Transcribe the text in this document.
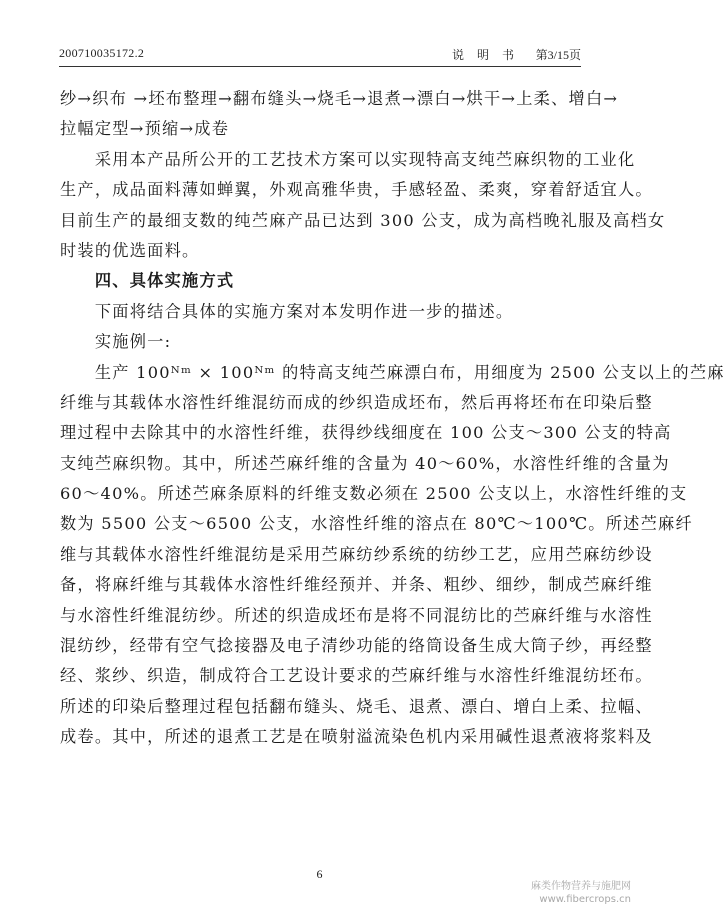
200710035172.2	说 明 书 第3/15页
纱→织布 →坯布整理→翻布缝头→烧毛→退煮→漂白→烘干→上柔、增白→
拉幅定型→预缩→成卷
　　采用本产品所公开的工艺技术方案可以实现特高支纯苎麻织物的工业化
生产，成品面料薄如蝉翼，外观高雅华贵，手感轻盈、柔爽，穿着舒适宜人。
目前生产的最细支数的纯苎麻产品已达到 300 公支，成为高档晚礼服及高档女
时装的优选面料。
　　四、具体实施方式
　　下面将结合具体的实施方案对本发明作进一步的描述。
　　实施例一:
　　生产 100ᴺᵐ × 100ᴺᵐ 的特高支纯苎麻漂白布，用细度为 2500 公支以上的苎麻
纤维与其载体水溶性纤维混纺而成的纱织造成坯布，然后再将坯布在印染后整
理过程中去除其中的水溶性纤维，获得纱线细度在 100 公支～300 公支的特高
支纯苎麻织物。其中，所述苎麻纤维的含量为 40～60%，水溶性纤维的含量为
60～40%。所述苎麻条原料的纤维支数必须在 2500 公支以上，水溶性纤维的支
数为 5500 公支～6500 公支，水溶性纤维的溶点在 80℃～100℃。所述苎麻纤
维与其载体水溶性纤维混纺是采用苎麻纺纱系统的纺纱工艺，应用苎麻纺纱设
备，将麻纤维与其载体水溶性纤维经预并、并条、粗纱、细纱，制成苎麻纤维
与水溶性纤维混纺纱。所述的织造成坯布是将不同混纺比的苎麻纤维与水溶性
混纺纱，经带有空气捻接器及电子清纱功能的络筒设备生成大筒子纱，再经整
经、浆纱、织造，制成符合工艺设计要求的苎麻纤维与水溶性纤维混纺坯布。
所述的印染后整理过程包括翻布缝头、烧毛、退煮、漂白、增白上柔、拉幅、
成卷。其中，所述的退煮工艺是在喷射溢流染色机内采用碱性退煮液将浆料及
6
麻类作物营养与施肥网
www.fibercrops.cn
